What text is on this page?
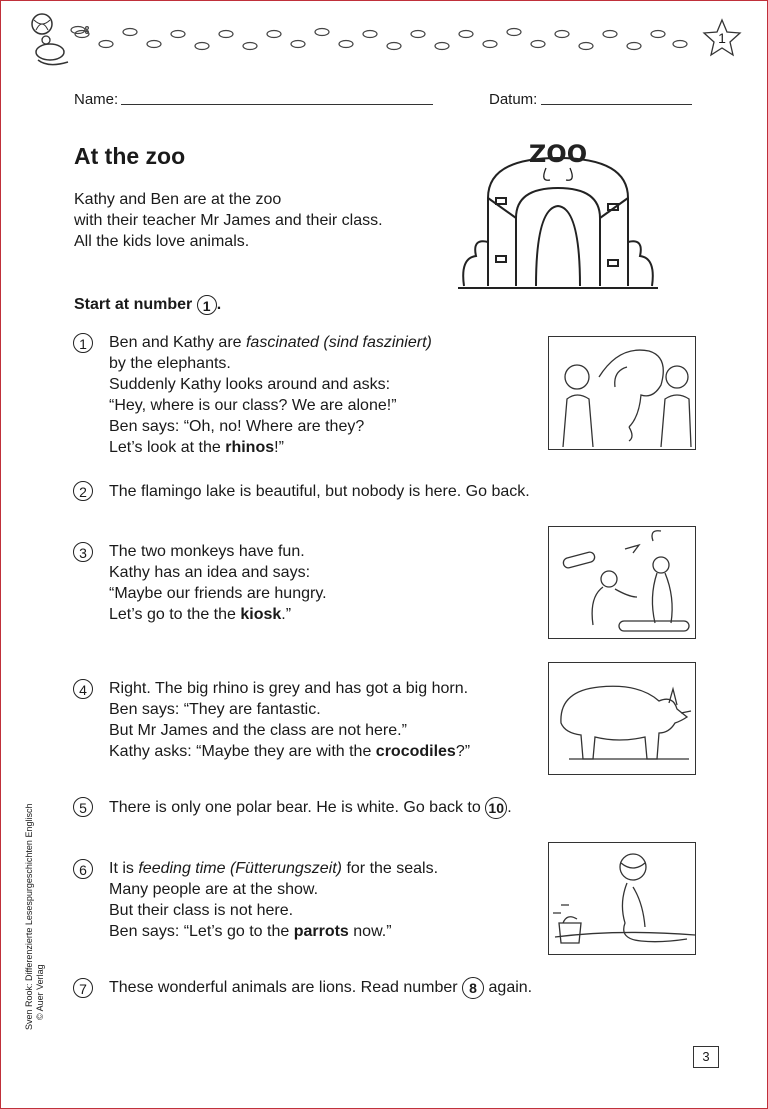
1
Name:	Datum:
At the zoo
Kathy and Ben are at the zoo
with their teacher Mr James and their class.
All the kids love animals.
ZOO
Start at number 1 .
1	Ben and Kathy are fascinated (sind fasziniert)
by the elephants.
Suddenly Kathy looks around and asks:
“Hey, where is our class? We are alone!”
Ben says: “Oh, no! Where are they?
Let’s look at the rhinos!”
2	The flamingo lake is beautiful, but nobody is here. Go back.
3	The two monkeys have fun.
Kathy has an idea and says:
“Maybe our friends are hungry.
Let’s go to the the kiosk.”
4	Right. The big rhino is grey and has got a big horn.
Ben says: “They are fantastic.
But Mr James and the class are not here.”
Kathy asks: “Maybe they are with the crocodiles?”
5	There is only one polar bear. He is white. Go back to 10 .
6	It is feeding time (Fütterungszeit) for the seals.
Many people are at the show.
But their class is not here.
Ben says: “Let’s go to the parrots now.”
7	These wonderful animals are lions. Read number 8 again.
Sven Rook: Differenzierte Lesespurgeschichten Englisch © Auer Verlag
3
